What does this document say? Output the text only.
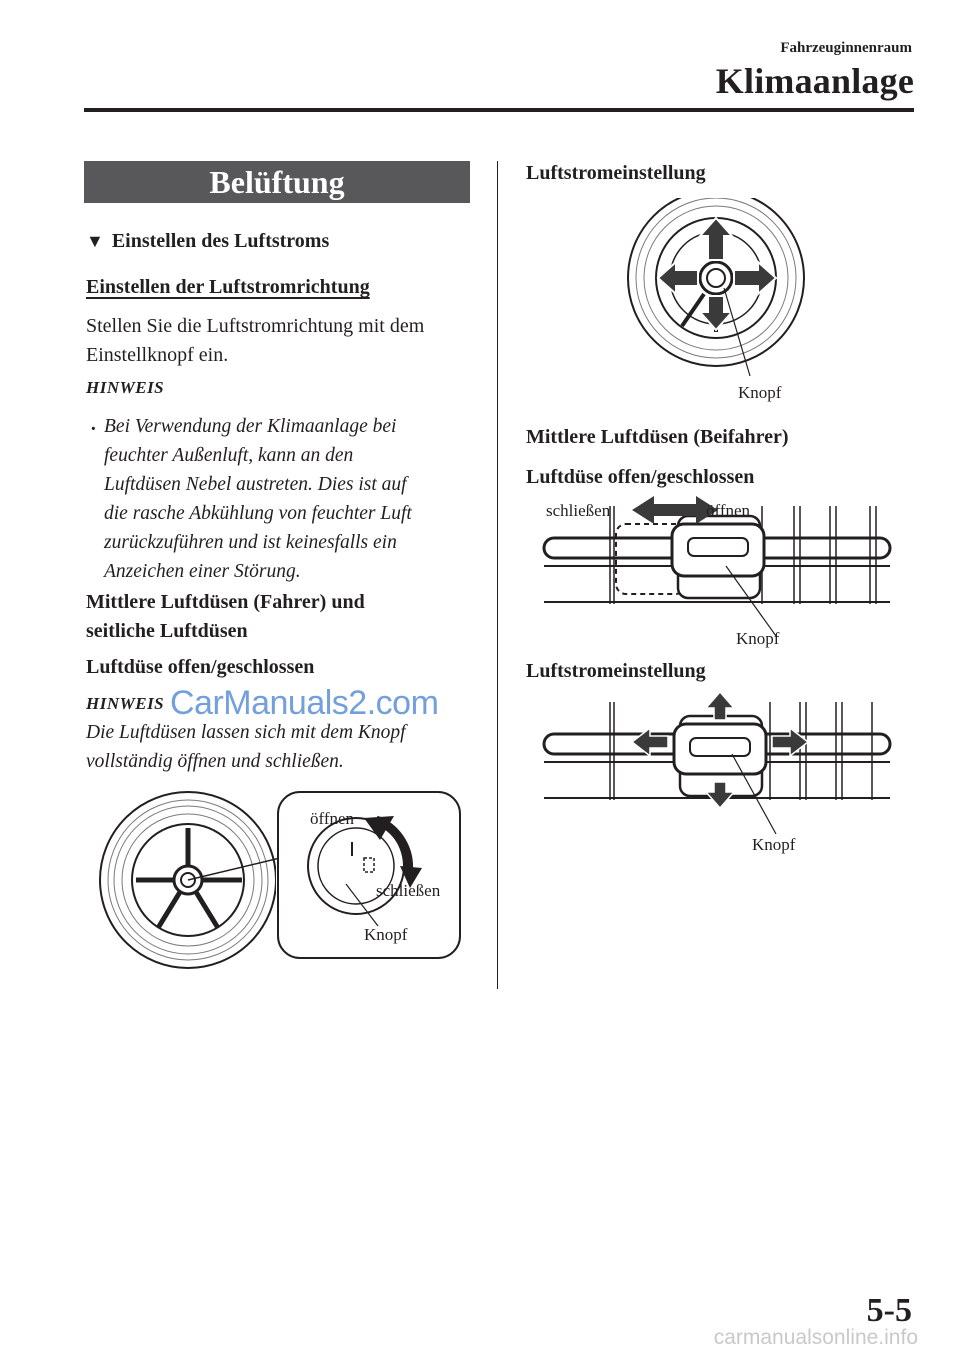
Fahrzeuginnenraum
Klimaanlage
Belüftung
▼ Einstellen des Luftstroms
Einstellen der Luftstromrichtung
Stellen Sie die Luftstromrichtung mit dem
Einstellknopf ein.
HINWEIS
· Bei Verwendung der Klimaanlage bei
feuchter Außenluft, kann an den
Luftdüsen Nebel austreten. Dies ist auf
die rasche Abkühlung von feuchter Luft
zurückzuführen und ist keinesfalls ein
Anzeichen einer Störung.
Mittlere Luftdüsen (Fahrer) und
seitliche Luftdüsen
Luftdüse offen/geschlossen
HINWEIS
Die Luftdüsen lassen sich mit dem Knopf
vollständig öffnen und schließen.
CarManuals2.com
öffnen
schließen
Knopf
Luftstromeinstellung
Knopf
Mittlere Luftdüsen (Beifahrer)
Luftdüse offen/geschlossen
schließen	öffnen
Knopf
Luftstromeinstellung
Knopf
5-5
carmanualsonline.info
